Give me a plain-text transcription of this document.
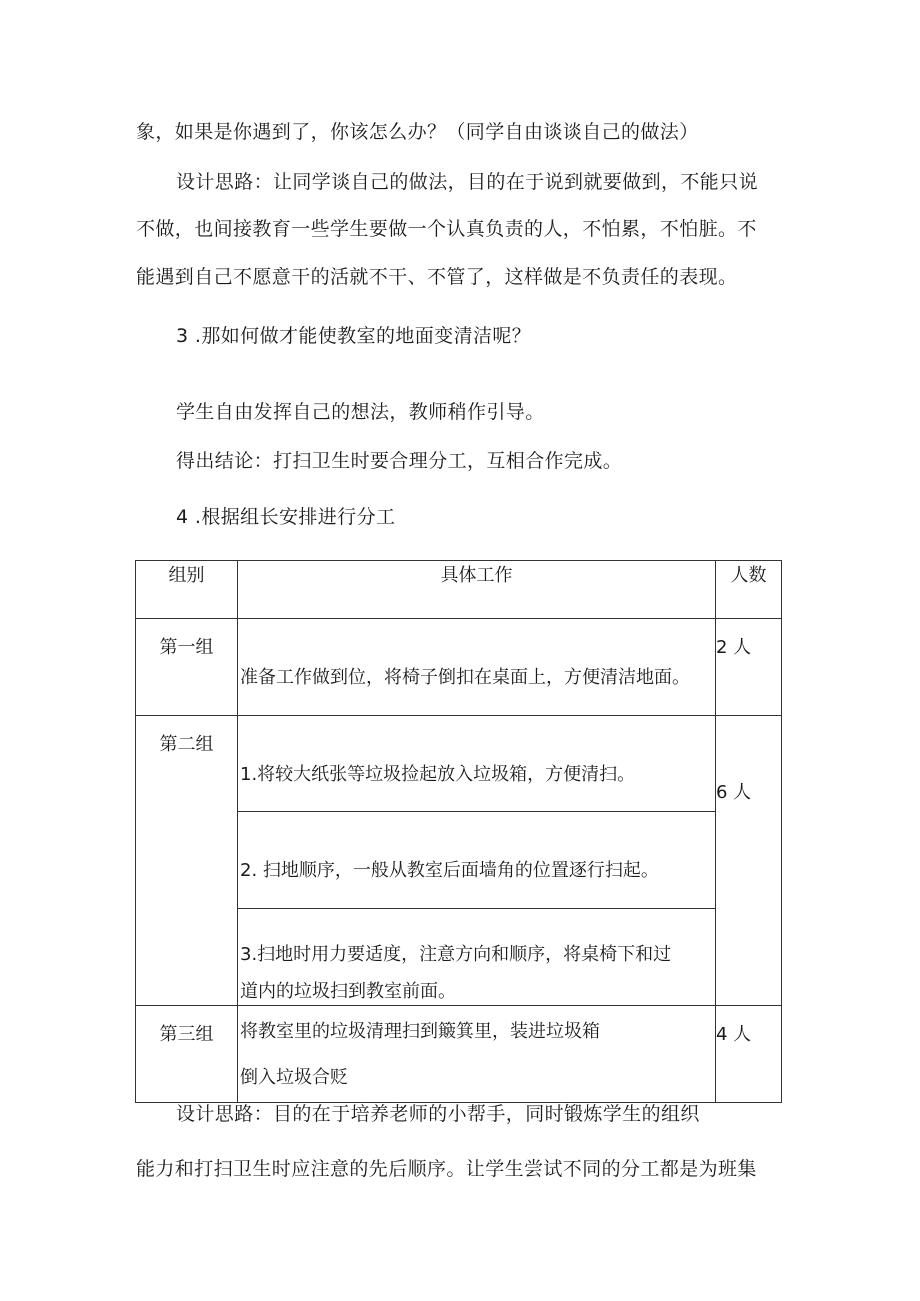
象，如果是你遇到了，你该怎么办？（同学自由谈谈自己的做法）
设计思路：让同学谈自己的做法，目的在于说到就要做到，不能只说
不做，也间接教育一些学生要做一个认真负责的人，不怕累，不怕脏。不
能遇到自己不愿意干的活就不干、不管了，这样做是不负责任的表现。
3 .那如何做才能使教室的地面变清洁呢？
学生自由发挥自己的想法，教师稍作引导。
得出结论：打扫卫生时要合理分工，互相合作完成。
4 .根据组长安排进行分工
组别	具体工作	人数
第一组	准备工作做到位，将椅子倒扣在桌面上，方便清洁地面。	2 人
第二组	1.将较大纸张等垃圾捡起放入垃圾箱，方便清扫。
2. 扫地顺序，一般从教室后面墙角的位置逐行扫起。
3.扫地时用力要适度，注意方向和顺序，将桌椅下和过
道内的垃圾扫到教室前面。	6 人
第三组	将教室里的垃圾清理扫到簸箕里，装进垃圾箱
倒入垃圾合贬	4 人
设计思路：目的在于培养老师的小帮手，同时锻炼学生的组织
能力和打扫卫生时应注意的先后顺序。让学生尝试不同的分工都是为班集
